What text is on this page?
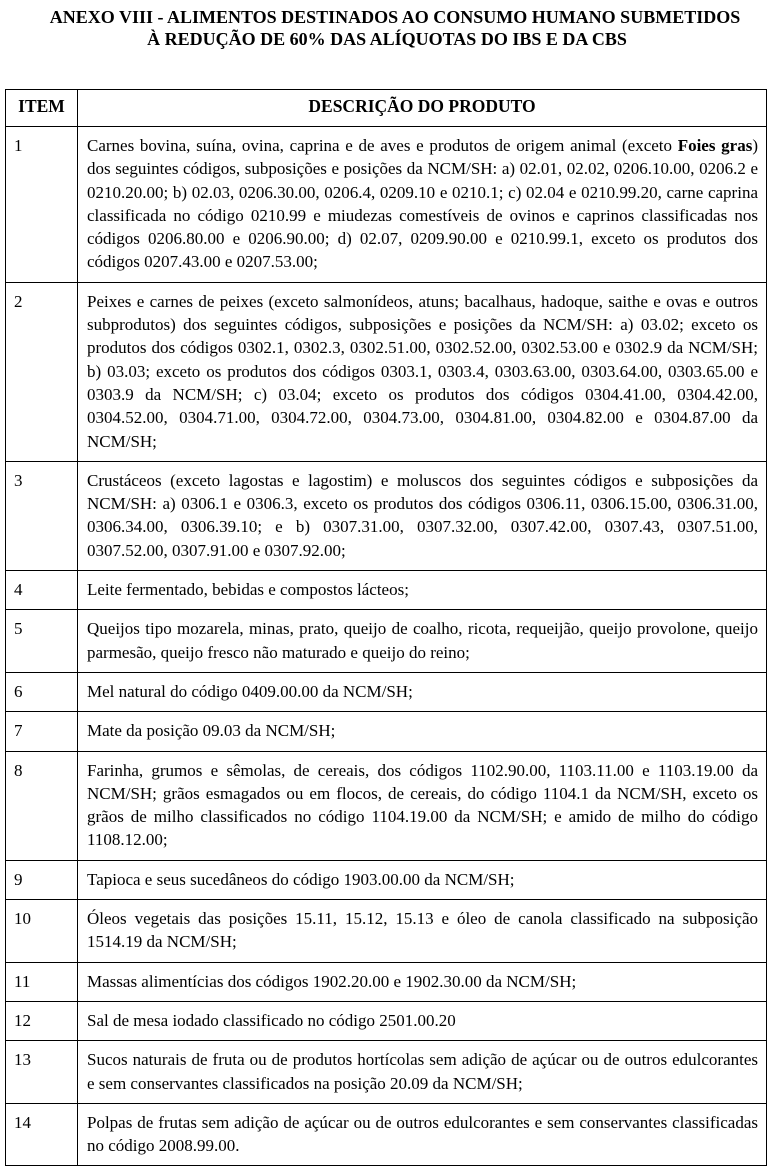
ANEXO VIII - ALIMENTOS DESTINADOS AO CONSUMO HUMANO SUBMETIDOS
À REDUÇÃO DE 60% DAS ALÍQUOTAS DO IBS E DA CBS
ITEM	DESCRIÇÃO DO PRODUTO
1	Carnes bovina, suína, ovina, caprina e de aves e produtos de origem animal (exceto Foies gras) dos seguintes códigos, subposições e posições da NCM/SH: a) 02.01, 02.02, 0206.10.00, 0206.2 e 0210.20.00; b) 02.03, 0206.30.00, 0206.4, 0209.10 e 0210.1; c) 02.04 e 0210.99.20, carne caprina classificada no código 0210.99 e miudezas comestíveis de ovinos e caprinos classificadas nos códigos 0206.80.00 e 0206.90.00; d) 02.07, 0209.90.00 e 0210.99.1, exceto os produtos dos códigos 0207.43.00 e 0207.53.00;
2	Peixes e carnes de peixes (exceto salmonídeos, atuns; bacalhaus, hadoque, saithe e ovas e outros subprodutos) dos seguintes códigos, subposições e posições da NCM/SH: a) 03.02; exceto os produtos dos códigos 0302.1, 0302.3, 0302.51.00, 0302.52.00, 0302.53.00 e 0302.9 da NCM/SH; b) 03.03; exceto os produtos dos códigos 0303.1, 0303.4, 0303.63.00, 0303.64.00, 0303.65.00 e 0303.9 da NCM/SH; c) 03.04; exceto os produtos dos códigos 0304.41.00, 0304.42.00, 0304.52.00, 0304.71.00, 0304.72.00, 0304.73.00, 0304.81.00, 0304.82.00 e 0304.87.00 da NCM/SH;
3	Crustáceos (exceto lagostas e lagostim) e moluscos dos seguintes códigos e subposições da NCM/SH: a) 0306.1 e 0306.3, exceto os produtos dos códigos 0306.11, 0306.15.00, 0306.31.00, 0306.34.00, 0306.39.10; e b) 0307.31.00, 0307.32.00, 0307.42.00, 0307.43, 0307.51.00, 0307.52.00, 0307.91.00 e 0307.92.00;
4	Leite fermentado, bebidas e compostos lácteos;
5	Queijos tipo mozarela, minas, prato, queijo de coalho, ricota, requeijão, queijo provolone, queijo parmesão, queijo fresco não maturado e queijo do reino;
6	Mel natural do código 0409.00.00 da NCM/SH;
7	Mate da posição 09.03 da NCM/SH;
8	Farinha, grumos e sêmolas, de cereais, dos códigos 1102.90.00, 1103.11.00 e 1103.19.00 da NCM/SH; grãos esmagados ou em flocos, de cereais, do código 1104.1 da NCM/SH, exceto os grãos de milho classificados no código 1104.19.00 da NCM/SH; e amido de milho do código 1108.12.00;
9	Tapioca e seus sucedâneos do código 1903.00.00 da NCM/SH;
10	Óleos vegetais das posições 15.11, 15.12, 15.13 e óleo de canola classificado na subposição 1514.19 da NCM/SH;
11	Massas alimentícias dos códigos 1902.20.00 e 1902.30.00 da NCM/SH;
12	Sal de mesa iodado classificado no código 2501.00.20
13	Sucos naturais de fruta ou de produtos hortícolas sem adição de açúcar ou de outros edulcorantes e sem conservantes classificados na posição 20.09 da NCM/SH;
14	Polpas de frutas sem adição de açúcar ou de outros edulcorantes e sem conservantes classificadas no código 2008.99.00.
